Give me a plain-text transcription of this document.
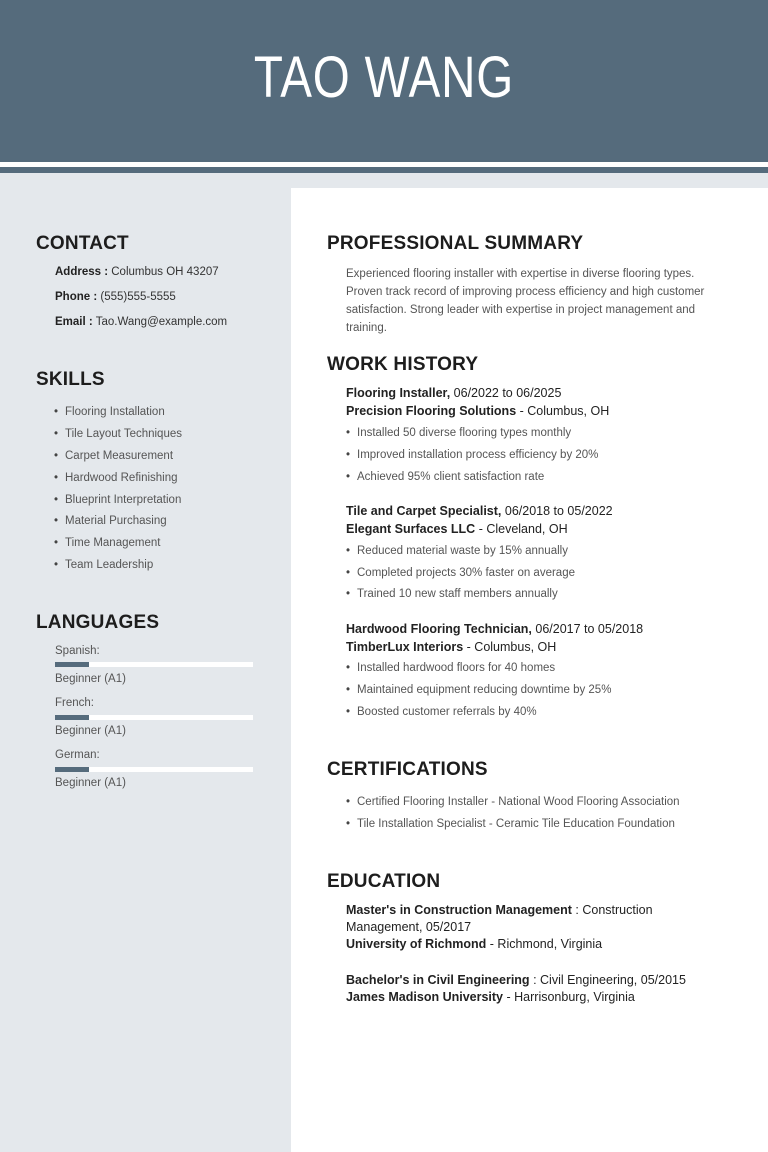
TAO WANG
CONTACT
Address : Columbus OH 43207
Phone : (555)555-5555
Email : Tao.Wang@example.com
SKILLS
• Flooring Installation
• Tile Layout Techniques
• Carpet Measurement
• Hardwood Refinishing
• Blueprint Interpretation
• Material Purchasing
• Time Management
• Team Leadership
LANGUAGES
Spanish:
Beginner (A1)
French:
Beginner (A1)
German:
Beginner (A1)
PROFESSIONAL SUMMARY
Experienced flooring installer with expertise in diverse flooring types. Proven track record of improving process efficiency and high customer satisfaction. Strong leader with expertise in project management and training.
WORK HISTORY
Flooring Installer, 06/2022 to 06/2025
Precision Flooring Solutions - Columbus, OH
• Installed 50 diverse flooring types monthly
• Improved installation process efficiency by 20%
• Achieved 95% client satisfaction rate
Tile and Carpet Specialist, 06/2018 to 05/2022
Elegant Surfaces LLC - Cleveland, OH
• Reduced material waste by 15% annually
• Completed projects 30% faster on average
• Trained 10 new staff members annually
Hardwood Flooring Technician, 06/2017 to 05/2018
TimberLux Interiors - Columbus, OH
• Installed hardwood floors for 40 homes
• Maintained equipment reducing downtime by 25%
• Boosted customer referrals by 40%
CERTIFICATIONS
• Certified Flooring Installer - National Wood Flooring Association
• Tile Installation Specialist - Ceramic Tile Education Foundation
EDUCATION
Master's in Construction Management : Construction Management, 05/2017
University of Richmond - Richmond, Virginia
Bachelor's in Civil Engineering : Civil Engineering, 05/2015
James Madison University - Harrisonburg, Virginia
